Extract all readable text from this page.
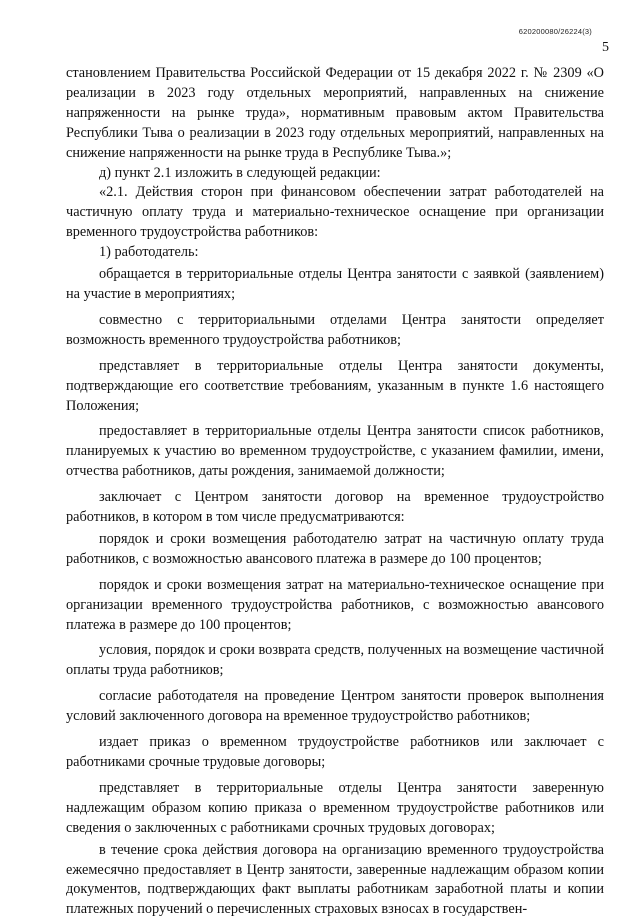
620200080/26224(3)
5

становлением Правительства Российской Федерации от 15 декабря 2022 г. № 2309 «О реализации в 2023 году отдельных мероприятий, направленных на снижение напряженности на рынке труда», нормативным правовым актом Правительства Республики Тыва о реализации в 2023 году отдельных мероприятий, направленных на снижение напряженности на рынке труда в Республике Тыва.»;

д) пункт 2.1 изложить в следующей редакции:

«2.1. Действия сторон при финансовом обеспечении затрат работодателей на частичную оплату труда и материально-техническое оснащение при организации временного трудоустройства работников:

1) работодатель:

обращается в территориальные отделы Центра занятости с заявкой (заявлением) на участие в мероприятиях;

совместно с территориальными отделами Центра занятости определяет возможность временного трудоустройства работников;

представляет в территориальные отделы Центра занятости документы, подтверждающие его соответствие требованиям, указанным в пункте 1.6 настоящего Положения;

предоставляет в территориальные отделы Центра занятости список работников, планируемых к участию во временном трудоустройстве, с указанием фамилии, имени, отчества работников, даты рождения, занимаемой должности;

заключает с Центром занятости договор на временное трудоустройство работников, в котором в том числе предусматриваются:

порядок и сроки возмещения работодателю затрат на частичную оплату труда работников, с возможностью авансового платежа в размере до 100 процентов;

порядок и сроки возмещения затрат на материально-техническое оснащение при организации временного трудоустройства работников, с возможностью авансового платежа в размере до 100 процентов;

условия, порядок и сроки возврата средств, полученных на возмещение частичной оплаты труда работников;

согласие работодателя на проведение Центром занятости проверок выполнения условий заключенного договора на временное трудоустройство работников;

издает приказ о временном трудоустройстве работников или заключает с работниками срочные трудовые договоры;

представляет в территориальные отделы Центра занятости заверенную надлежащим образом копию приказа о временном трудоустройстве работников или сведения о заключенных с работниками срочных трудовых договорах;

в течение срока действия договора на организацию временного трудоустройства ежемесячно предоставляет в Центр занятости, заверенные надлежащим образом копии документов, подтверждающих факт выплаты работникам заработной платы и копии платежных поручений о перечисленных страховых взносах в государствен-
